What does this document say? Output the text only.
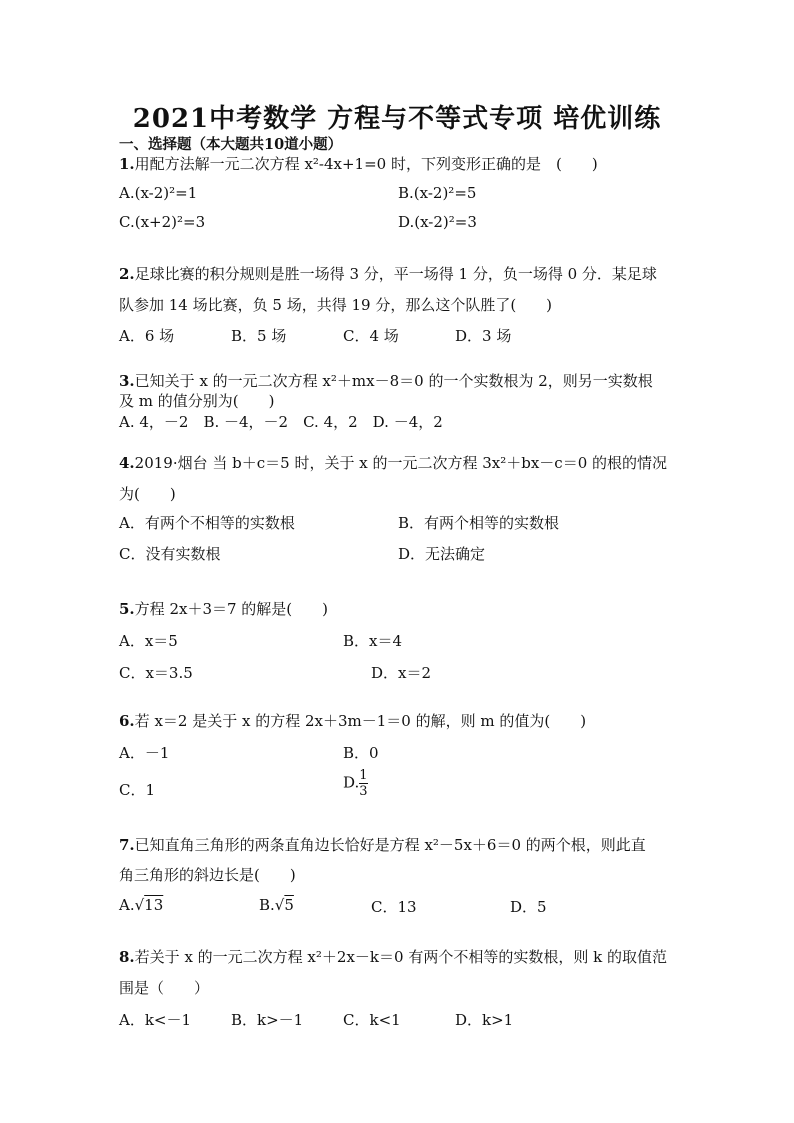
2021中考数学 方程与不等式专项 培优训练
一、选择题（本大题共10道小题）
1.用配方法解一元二次方程 x²-4x+1=0 时，下列变形正确的是　(　　)
A.(x-2)²=1	B.(x-2)²=5
C.(x+2)²=3	D.(x-2)²=3
2.足球比赛的积分规则是胜一场得 3 分，平一场得 1 分，负一场得 0 分．某足球
队参加 14 场比赛，负 5 场，共得 19 分，那么这个队胜了(　　)
A．6 场	B．5 场	C．4 场	D．3 场
3.已知关于 x 的一元二次方程 x²＋mx－8＝0 的一个实数根为 2，则另一实数根
及 m 的值分别为(　　)
A. 4，－2　B. －4，－2　C. 4，2　D. －4，2
4.2019·烟台 当 b＋c＝5 时，关于 x 的一元二次方程 3x²＋bx－c＝0 的根的情况
为(　　)
A．有两个不相等的实数根	B．有两个相等的实数根
C．没有实数根	D．无法确定
5.方程 2x＋3＝7 的解是(　　)
A．x＝5	B．x＝4
C．x＝3.5	D．x＝2
6.若 x＝2 是关于 x 的方程 2x＋3m－1＝0 的解，则 m 的值为(　　)
A．－1	B．0
C．1	D. $\frac{1}{3}$
7.已知直角三角形的两条直角边长恰好是方程 x²－5x＋6＝0 的两个根，则此直
角三角形的斜边长是(　　)
A.√13	B.√5	C．13	D．5
8.若关于 x 的一元二次方程 x²＋2x－k＝0 有两个不相等的实数根，则 k 的取值范
围是（　　）
A．k<－1	B．k>－1	C．k<1	D．k>1
